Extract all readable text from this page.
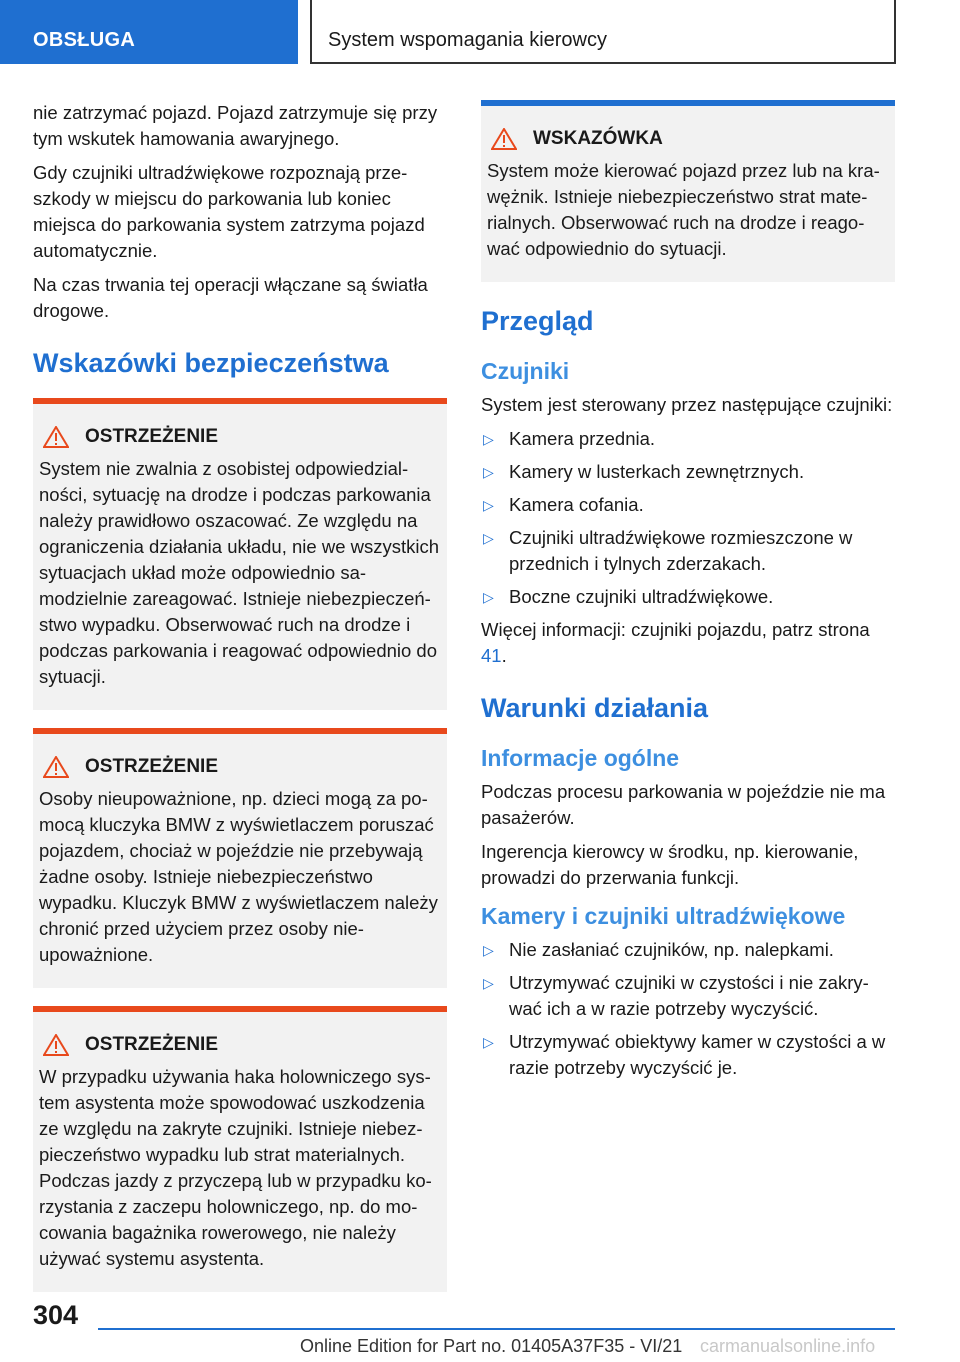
OBSŁUGA	System wspomagania kierowcy

nie zatrzymać pojazd. Pojazd zatrzymuje się przy tym wskutek hamowania awaryjnego.

Gdy czujniki ultradźwiękowe rozpoznają przeszkody w miejscu do parkowania lub koniec miejsca do parkowania system zatrzyma pojazd automatycznie.

Na czas trwania tej operacji włączane są światła drogowe.

Wskazówki bezpieczeństwa
OSTRZEŻENIE

System nie zwalnia z osobistej odpowiedzialności, sytuację na drodze i podczas parkowania należy prawidłowo oszacować. Ze względu na ograniczenia działania układu, nie we wszystkich sytuacjach układ może odpowiednio samodzielnie zareagować. Istnieje niebezpieczeństwo wypadku. Obserwować ruch na drodze i podczas parkowania i reagować odpowiednio do sytuacji.

OSTRZEŻENIE

Osoby nieupoważnione, np. dzieci mogą za pomocą kluczyka BMW z wyświetlaczem poruszać pojazdem, chociaż w pojeździe nie przebywają żadne osoby. Istnieje niebezpieczeństwo wypadku. Kluczyk BMW z wyświetlaczem należy chronić przed użyciem przez osoby nieupoważnione.

OSTRZEŻENIE

W przypadku używania haka holowniczego system asystenta może spowodować uszkodzenia ze względu na zakryte czujniki. Istnieje niebezpieczeństwo wypadku lub strat materialnych. Podczas jazdy z przyczepą lub w przypadku korzystania z zaczepu holowniczego, np. do mocowania bagażnika rowerowego, nie należy używać systemu asystenta.

WSKAZÓWKA

System może kierować pojazd przez lub na krawężnik. Istnieje niebezpieczeństwo strat materialnych. Obserwować ruch na drodze i reagować odpowiednio do sytuacji.

Przegląd
Czujniki

System jest sterowany przez następujące czujniki:

▷ Kamera przednia.
▷ Kamery w lusterkach zewnętrznych.
▷ Kamera cofania.
▷ Czujniki ultradźwiękowe rozmieszczone w przednich i tylnych zderzakach.
▷ Boczne czujniki ultradźwiękowe.

Więcej informacji: czujniki pojazdu, patrz strona 41.

Warunki działania
Informacje ogólne

Podczas procesu parkowania w pojeździe nie ma pasażerów.

Ingerencja kierowcy w środku, np. kierowanie, prowadzi do przerwania funkcji.

Kamery i czujniki ultradźwiękowe
▷ Nie zasłaniać czujników, np. nalepkami.
▷ Utrzymywać czujniki w czystości i nie zakrywać ich a w razie potrzeby wyczyścić.
▷ Utrzymywać obiektywy kamer w czystości a w razie potrzeby wyczyścić je.
304
Online Edition for Part no. 01405A37F35 - VI/21 carmanualsonline.info
